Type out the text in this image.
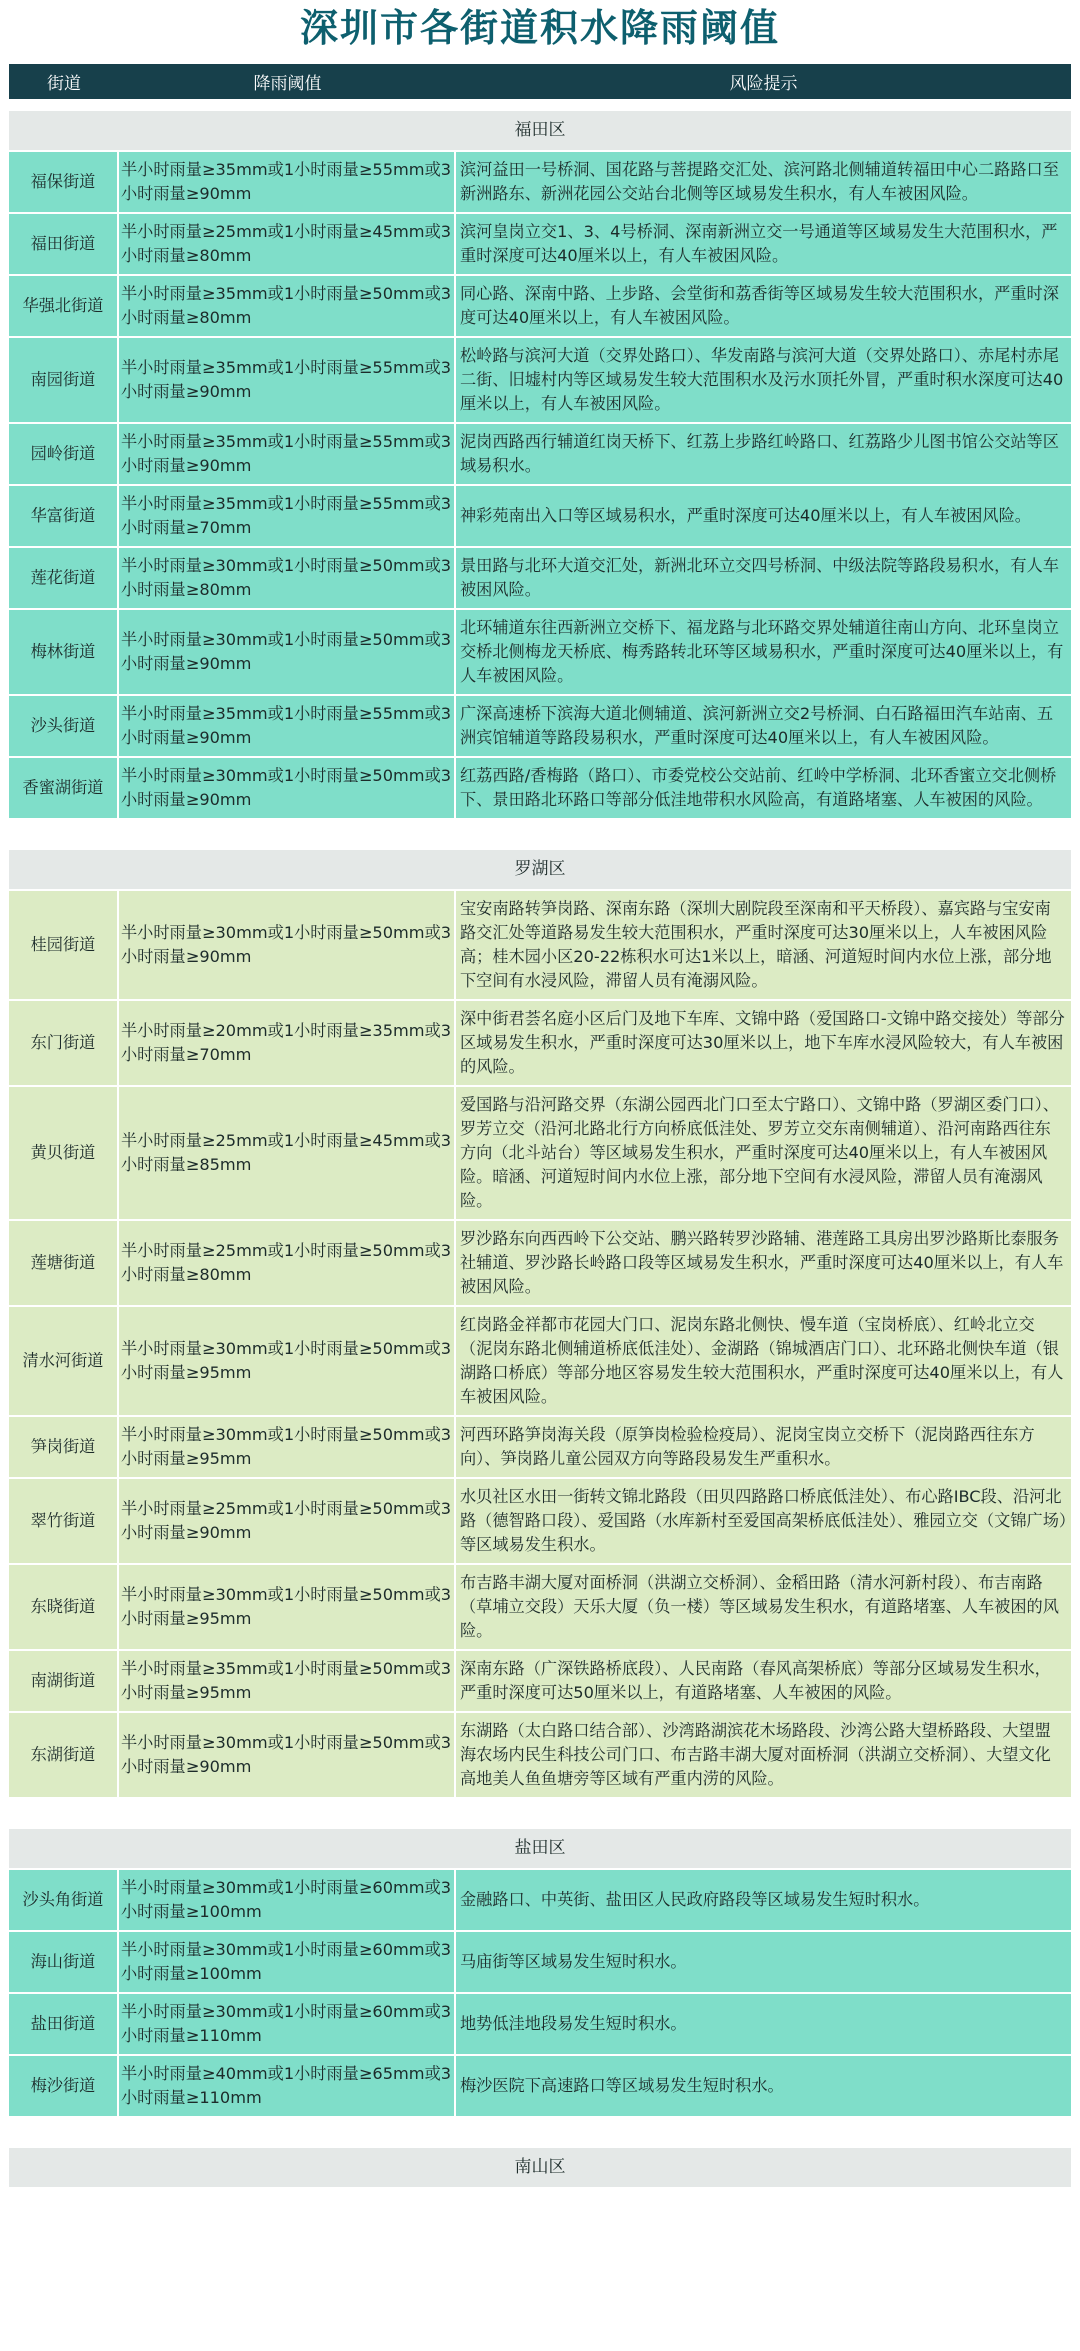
深圳市各街道积水降雨阈值
街道	降雨阈值	风险提示
福田区
福保街道
半小时雨量≥35mm或1小时雨量≥55mm或3小时雨量≥90mm
滨河益田一号桥洞、国花路与菩提路交汇处、滨河路北侧辅道转福田中心二路路口至新洲路东、新洲花园公交站台北侧等区域易发生积水，有人车被困风险。
福田街道
半小时雨量≥25mm或1小时雨量≥45mm或3小时雨量≥80mm
滨河皇岗立交1、3、4号桥洞、深南新洲立交一号通道等区域易发生大范围积水，严重时深度可达40厘米以上，有人车被困风险。
华强北街道
半小时雨量≥35mm或1小时雨量≥50mm或3小时雨量≥80mm
同心路、深南中路、上步路、会堂街和荔香街等区域易发生较大范围积水，严重时深度可达40厘米以上，有人车被困风险。
南园街道
半小时雨量≥35mm或1小时雨量≥55mm或3小时雨量≥90mm
松岭路与滨河大道（交界处路口）、华发南路与滨河大道（交界处路口）、赤尾村赤尾二街、旧墟村内等区域易发生较大范围积水及污水顶托外冒，严重时积水深度可达40厘米以上，有人车被困风险。
园岭街道
半小时雨量≥35mm或1小时雨量≥55mm或3小时雨量≥90mm
泥岗西路西行辅道红岗天桥下、红荔上步路红岭路口、红荔路少儿图书馆公交站等区域易积水。
华富街道
半小时雨量≥35mm或1小时雨量≥55mm或3小时雨量≥70mm
神彩苑南出入口等区域易积水，严重时深度可达40厘米以上，有人车被困风险。
莲花街道
半小时雨量≥30mm或1小时雨量≥50mm或3小时雨量≥80mm
景田路与北环大道交汇处，新洲北环立交四号桥洞、中级法院等路段易积水，有人车被困风险。
梅林街道
半小时雨量≥30mm或1小时雨量≥50mm或3小时雨量≥90mm
北环辅道东往西新洲立交桥下、福龙路与北环路交界处辅道往南山方向、北环皇岗立交桥北侧梅龙天桥底、梅秀路转北环等区域易积水，严重时深度可达40厘米以上，有人车被困风险。
沙头街道
半小时雨量≥35mm或1小时雨量≥55mm或3小时雨量≥90mm
广深高速桥下滨海大道北侧辅道、滨河新洲立交2号桥洞、白石路福田汽车站南、五洲宾馆辅道等路段易积水，严重时深度可达40厘米以上，有人车被困风险。
香蜜湖街道
半小时雨量≥30mm或1小时雨量≥50mm或3小时雨量≥90mm
红荔西路/香梅路（路口）、市委党校公交站前、红岭中学桥洞、北环香蜜立交北侧桥下、景田路北环路口等部分低洼地带积水风险高，有道路堵塞、人车被困的风险。
罗湖区
桂园街道
半小时雨量≥30mm或1小时雨量≥50mm或3小时雨量≥90mm
宝安南路转笋岗路、深南东路（深圳大剧院段至深南和平天桥段）、嘉宾路与宝安南路交汇处等道路易发生较大范围积水，严重时深度可达30厘米以上，人车被困风险高；桂木园小区20-22栋积水可达1米以上，暗涵、河道短时间内水位上涨，部分地下空间有水浸风险，滞留人员有淹溺风险。
东门街道
半小时雨量≥20mm或1小时雨量≥35mm或3小时雨量≥70mm
深中街君荟名庭小区后门及地下车库、文锦中路（爱国路口-文锦中路交接处）等部分区域易发生积水，严重时深度可达30厘米以上，地下车库水浸风险较大，有人车被困的风险。
黄贝街道
半小时雨量≥25mm或1小时雨量≥45mm或3小时雨量≥85mm
爱国路与沿河路交界（东湖公园西北门口至太宁路口）、文锦中路（罗湖区委门口）、罗芳立交（沿河北路北行方向桥底低洼处、罗芳立交东南侧辅道）、沿河南路西往东方向（北斗站台）等区域易发生积水，严重时深度可达40厘米以上，有人车被困风险。暗涵、河道短时间内水位上涨，部分地下空间有水浸风险，滞留人员有淹溺风险。
莲塘街道
半小时雨量≥25mm或1小时雨量≥50mm或3小时雨量≥80mm
罗沙路东向西西岭下公交站、鹏兴路转罗沙路辅、港莲路工具房出罗沙路斯比泰服务社辅道、罗沙路长岭路口段等区域易发生积水，严重时深度可达40厘米以上，有人车被困风险。
清水河街道
半小时雨量≥30mm或1小时雨量≥50mm或3小时雨量≥95mm
红岗路金祥都市花园大门口、泥岗东路北侧快、慢车道（宝岗桥底）、红岭北立交（泥岗东路北侧辅道桥底低洼处）、金湖路（锦城酒店门口）、北环路北侧快车道（银湖路口桥底）等部分地区容易发生较大范围积水，严重时深度可达40厘米以上，有人车被困风险。
笋岗街道
半小时雨量≥30mm或1小时雨量≥50mm或3小时雨量≥95mm
河西环路笋岗海关段（原笋岗检验检疫局）、泥岗宝岗立交桥下（泥岗路西往东方向）、笋岗路儿童公园双方向等路段易发生严重积水。
翠竹街道
半小时雨量≥25mm或1小时雨量≥50mm或3小时雨量≥90mm
水贝社区水田一街转文锦北路段（田贝四路路口桥底低洼处）、布心路IBC段、沿河北路（德智路口段）、爱国路（水库新村至爱国高架桥底低洼处）、雅园立交（文锦广场）等区域易发生积水。
东晓街道
半小时雨量≥30mm或1小时雨量≥50mm或3小时雨量≥95mm
布吉路丰湖大厦对面桥洞（洪湖立交桥洞）、金稻田路（清水河新村段）、布吉南路（草埔立交段）天乐大厦（负一楼）等区域易发生积水，有道路堵塞、人车被困的风险。
南湖街道
半小时雨量≥35mm或1小时雨量≥50mm或3小时雨量≥95mm
深南东路（广深铁路桥底段）、人民南路（春风高架桥底）等部分区域易发生积水，严重时深度可达50厘米以上，有道路堵塞、人车被困的风险。
东湖街道
半小时雨量≥30mm或1小时雨量≥50mm或3小时雨量≥90mm
东湖路（太白路口结合部）、沙湾路湖滨花木场路段、沙湾公路大望桥路段、大望盟海农场内民生科技公司门口、布吉路丰湖大厦对面桥洞（洪湖立交桥洞）、大望文化高地美人鱼鱼塘旁等区域有严重内涝的风险。
盐田区
沙头角街道
半小时雨量≥30mm或1小时雨量≥60mm或3小时雨量≥100mm
金融路口、中英街、盐田区人民政府路段等区域易发生短时积水。
海山街道
半小时雨量≥30mm或1小时雨量≥60mm或3小时雨量≥100mm
马庙街等区域易发生短时积水。
盐田街道
半小时雨量≥30mm或1小时雨量≥60mm或3小时雨量≥110mm
地势低洼地段易发生短时积水。
梅沙街道
半小时雨量≥40mm或1小时雨量≥65mm或3小时雨量≥110mm
梅沙医院下高速路口等区域易发生短时积水。
南山区
